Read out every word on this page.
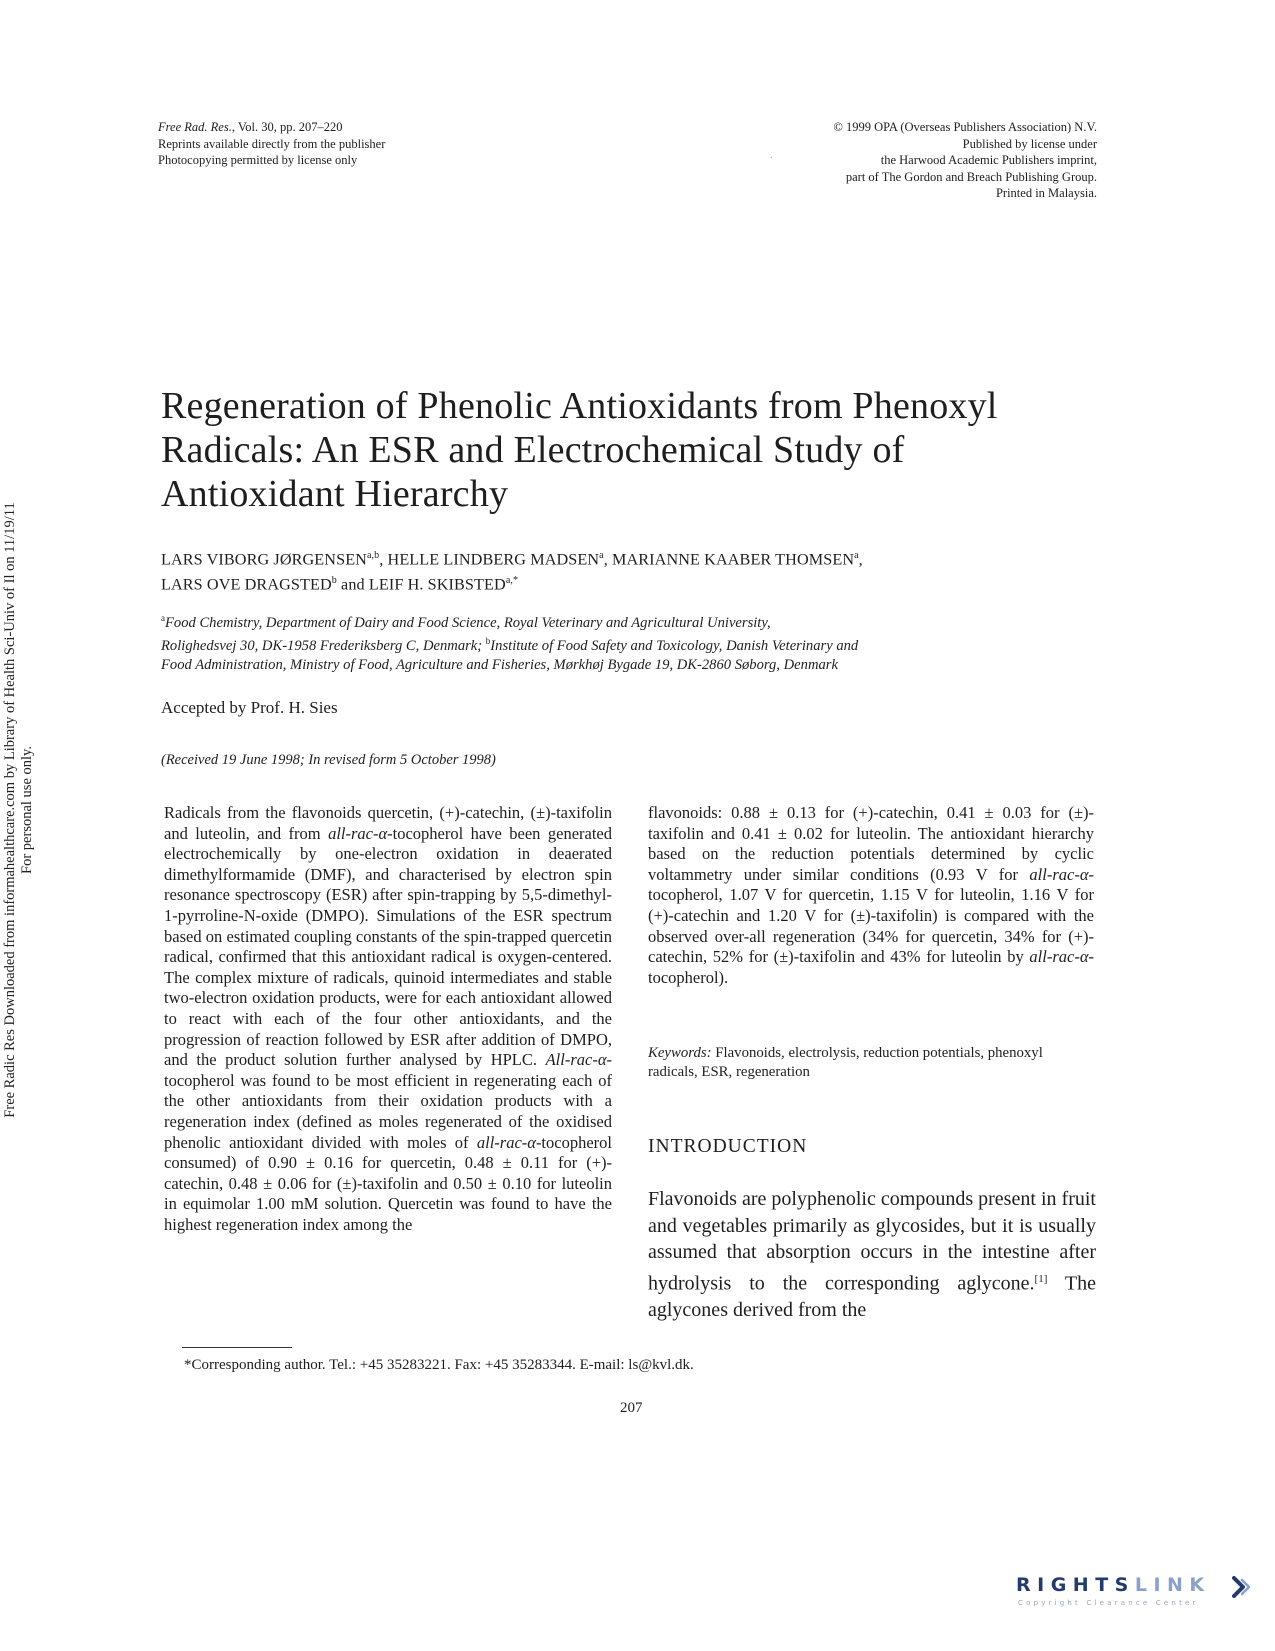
Free Rad. Res., Vol. 30, pp. 207–220
Reprints available directly from the publisher
Photocopying permitted by license only	.
© 1999 OPA (Overseas Publishers Association) N.V.
Published by license under
the Harwood Academic Publishers imprint,
part of The Gordon and Breach Publishing Group.
Printed in Malaysia.
Free Radic Res Downloaded from informahealthcare.com by Library of Health Sci-Univ of Il on 11/19/11 For personal use only.
Regeneration of Phenolic Antioxidants from Phenoxyl
Radicals: An ESR and Electrochemical Study of
Antioxidant Hierarchy
LARS VIBORG JØRGENSEN$^{a,b}$, HELLE LINDBERG MADSEN$^a$, MARIANNE KAABER THOMSEN$^a$,
LARS OVE DRAGSTED$^b$ and LEIF H. $SKIBSTED^{a,*}$
$^a$Food Chemistry, Department of Dairy and Food Science, Royal Veterinary and Agricultural University,
Rolighedsvej 30, DK-1958 Frederiksberg C, Denmark; $^b$Institute of Food Safety and Toxicology, Danish Veterinary and
Food Administration, Ministry of Food, Agriculture and Fisheries, Mørkhøj Bygade 19, DK-2860 Søborg, Denmark
Accepted by Prof. H. Sies
(Received 19 June 1998; In revised form 5 October 1998)
Radicals from the flavonoids quercetin, (+)-catechin, (±)-taxifolin and luteolin, and from all-rac-α-tocopherol have been generated electrochemically by one-electron oxidation in deaerated dimethylformamide (DMF), and characterised by electron spin resonance spectroscopy (ESR) after spin-trapping by 5,5-dimethyl-1-pyrroline-N-oxide (DMPO). Simulations of the ESR spectrum based on estimated coupling constants of the spin-trapped quercetin radical, confirmed that this antioxidant radical is oxygen-centered. The complex mixture of radicals, quinoid intermediates and stable two-electron oxidation products, were for each antioxidant allowed to react with each of the four other antioxidants, and the progression of reaction followed by ESR after addition of DMPO, and the product solution further analysed by HPLC. All-rac-α-tocopherol was found to be most efficient in regenerating each of the other antioxidants from their oxidation products with a regeneration index (defined as moles regenerated of the oxidised phenolic antioxidant divided with moles of all-rac-α-tocopherol consumed) of 0.90 ± 0.16 for quercetin, 0.48 ± 0.11 for (+)-catechin, 0.48 ± 0.06 for (±)-taxifolin and 0.50 ± 0.10 for luteolin in equimolar 1.00 mM solution. Quercetin was found to have the highest regeneration index among the
flavonoids: 0.88 ± 0.13 for (+)-catechin, 0.41 ± 0.03 for (±)-taxifolin and 0.41 ± 0.02 for luteolin. The antioxidant hierarchy based on the reduction potentials determined by cyclic voltammetry under similar conditions (0.93 V for all-rac-α-tocopherol, 1.07 V for quercetin, 1.15 V for luteolin, 1.16 V for (+)-catechin and 1.20 V for (±)-taxifolin) is compared with the observed over-all regeneration (34% for quercetin, 34% for (+)-catechin, 52% for (±)-taxifolin and 43% for luteolin by all-rac-α-tocopherol).
Keywords: Flavonoids, electrolysis, reduction potentials, phenoxyl radicals, ESR, regeneration
INTRODUCTION
Flavonoids are polyphenolic compounds present in fruit and vegetables primarily as glycosides, but it is usually assumed that absorption occurs in the intestine after hydrolysis to the corresponding aglycone.[1] The aglycones derived from the
*Corresponding author. Tel.: +45 35283221. Fax: +45 35283344. E-mail: ls@kvl.dk.
207
RIGHTSLINK
Copyright Clearance Center
